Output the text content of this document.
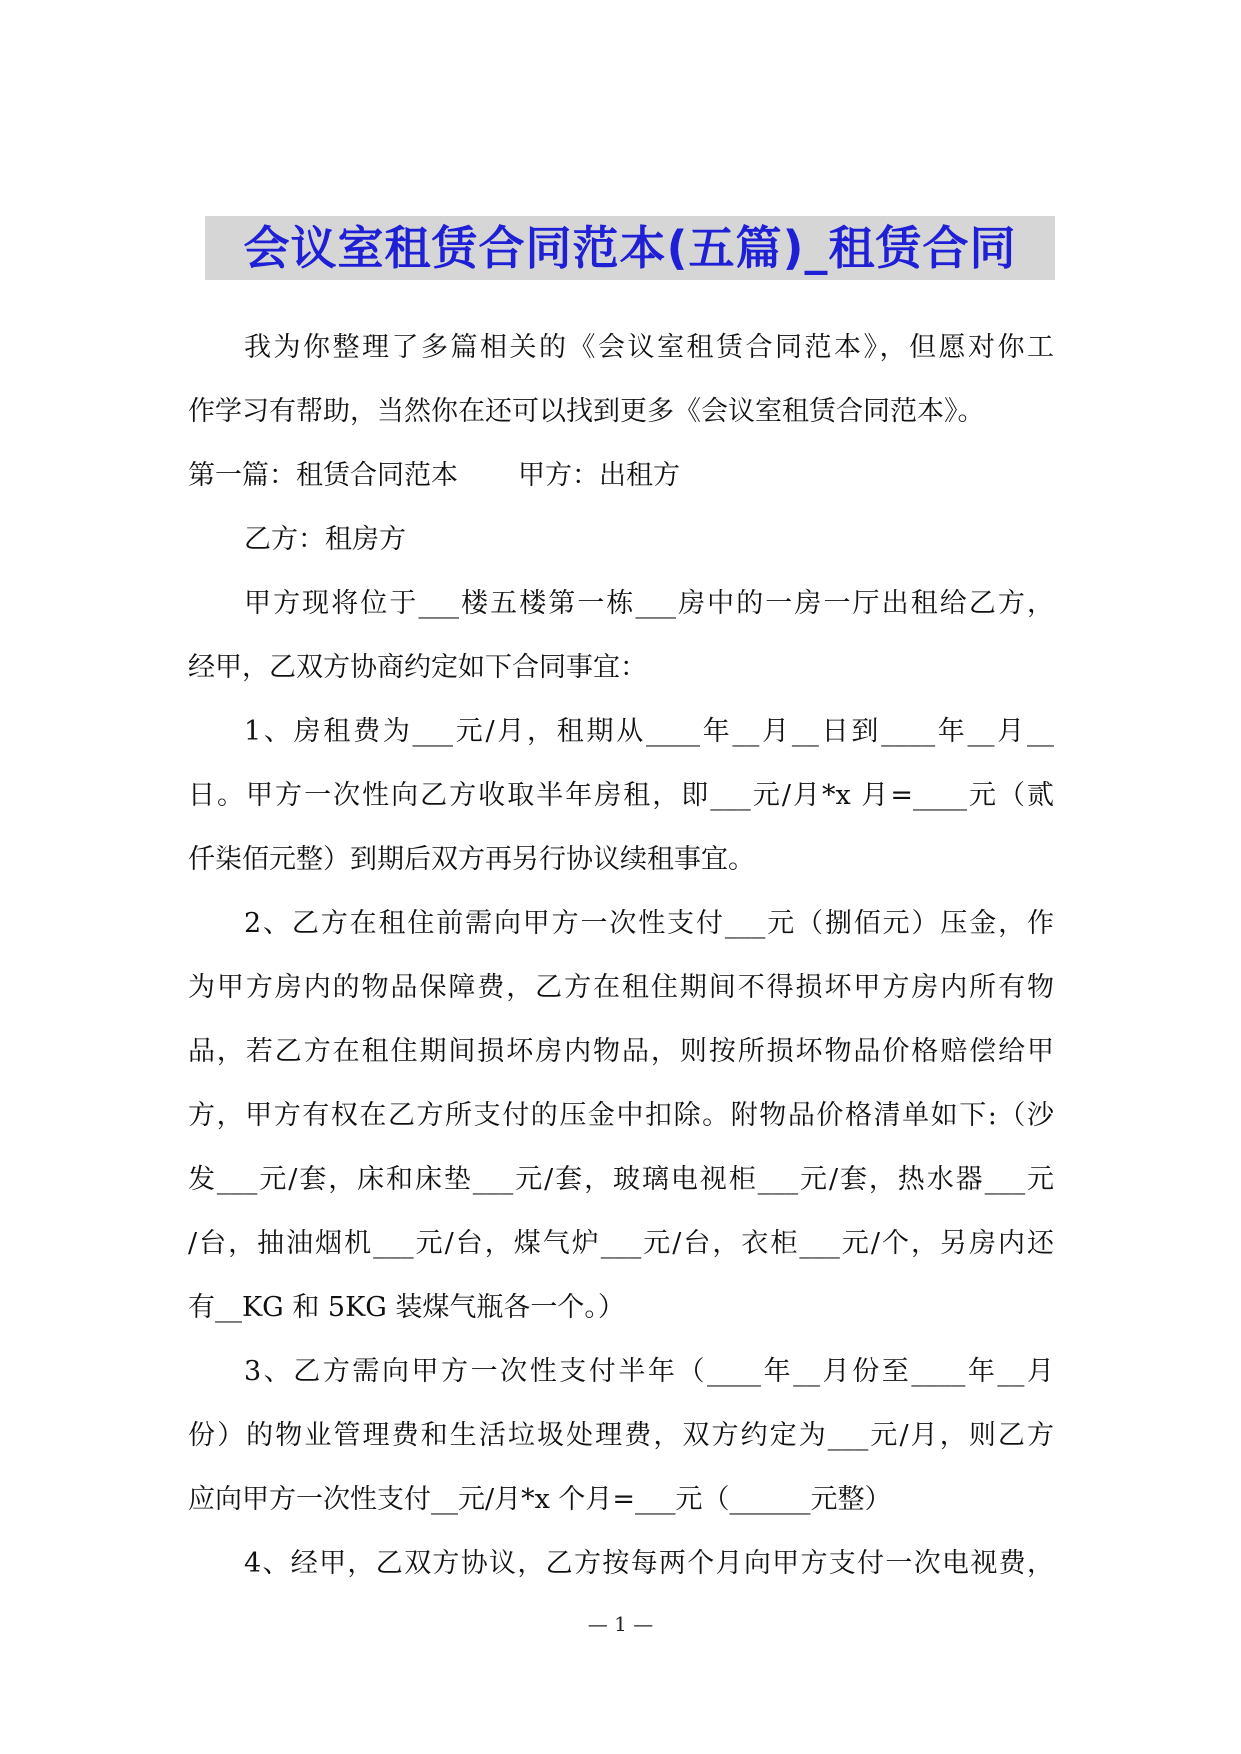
会议室租赁合同范本(五篇)_租赁合同
我为你整理了多篇相关的《会议室租赁合同范本》，但愿对你工
作学习有帮助，当然你在还可以找到更多《会议室租赁合同范本》。
第一篇：租赁合同范本 甲方：出租方
乙方：租房方
甲方现将位于___楼五楼第一栋___房中的一房一厅出租给乙方，
经甲，乙双方协商约定如下合同事宜：
1、房租费为___元/月，租期从____年__月__日到____年__月__
日。甲方一次性向乙方收取半年房租，即___元/月*x 月=____元（贰
仟柒佰元整）到期后双方再另行协议续租事宜。
2、乙方在租住前需向甲方一次性支付___元（捌佰元）压金，作
为甲方房内的物品保障费，乙方在租住期间不得损坏甲方房内所有物
品，若乙方在租住期间损坏房内物品，则按所损坏物品价格赔偿给甲
方，甲方有权在乙方所支付的压金中扣除。附物品价格清单如下:（沙
发___元/套，床和床垫___元/套，玻璃电视柜___元/套，热水器___元
/台，抽油烟机___元/台，煤气炉___元/台，衣柜___元/个，另房内还
有__KG 和 5KG 装煤气瓶各一个。）
3、乙方需向甲方一次性支付半年（____年__月份至____年__月
份）的物业管理费和生活垃圾处理费，双方约定为___元/月，则乙方
应向甲方一次性支付__元/月*x 个月=___元（______元整）
4、经甲，乙双方协议，乙方按每两个月向甲方支付一次电视费，
— 1 —
